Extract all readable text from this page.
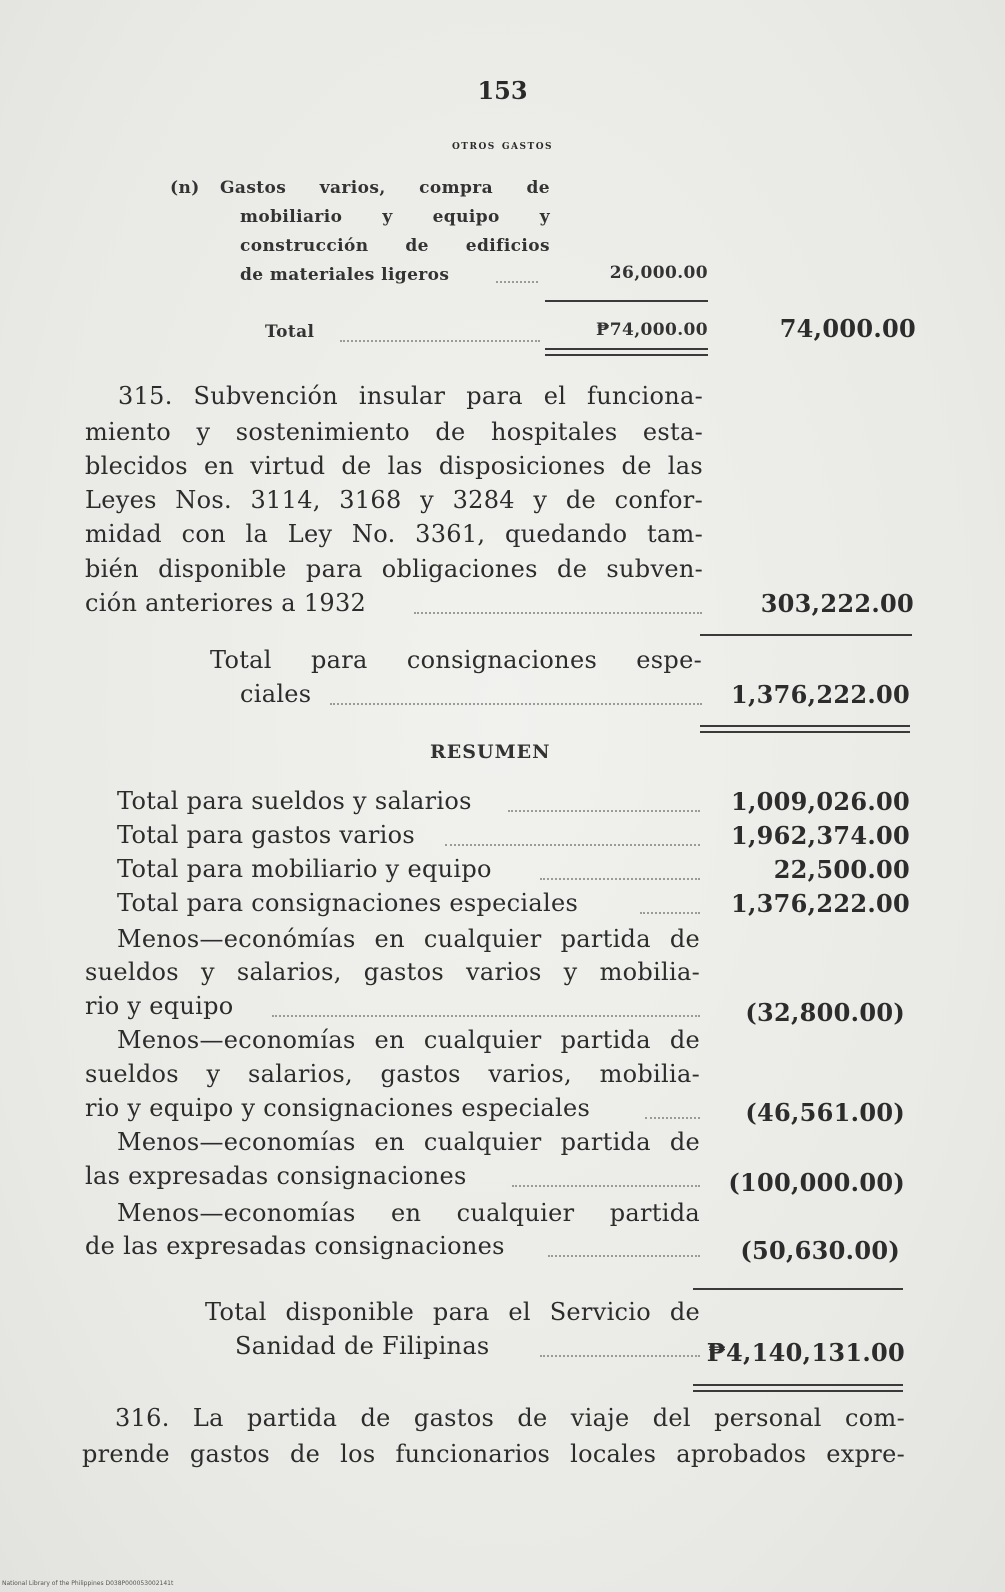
153
otros gastos
(n) Gastos varios, compra de
mobiliario y equipo y
construcción de edificios
de materiales ligeros	26,000.00
Total	₱74,000.00	74,000.00
315. Subvención insular para el funciona-
miento y sostenimiento de hospitales esta-
blecidos en virtud de las disposiciones de las
Leyes Nos. 3114, 3168 y 3284 y de confor-
midad con la Ley No. 3361, quedando tam-
bién disponible para obligaciones de subven-
ción anteriores a 1932	303,222.00
Total para consignaciones espe-
ciales	1,376,222.00
RESUMEN
Total para sueldos y salarios	1,009,026.00
Total para gastos varios	1,962,374.00
Total para mobiliario y equipo	22,500.00
Total para consignaciones especiales	1,376,222.00
Menos—económías en cualquier partida de
sueldos y salarios, gastos varios y mobilia-
rio y equipo	(32,800.00)
Menos—economías en cualquier partida de
sueldos y salarios, gastos varios, mobilia-
rio y equipo y consignaciones especiales	(46,561.00)
Menos—economías en cualquier partida de
las expresadas consignaciones	(100,000.00)
Menos—economías en cualquier partida
de las expresadas consignaciones	(50,630.00)
Total disponible para el Servicio de
Sanidad de Filipinas	₱4,140,131.00
316. La partida de gastos de viaje del personal com-
prende gastos de los funcionarios locales aprobados expre-
National Library of the Philippines D038P000053002141t
